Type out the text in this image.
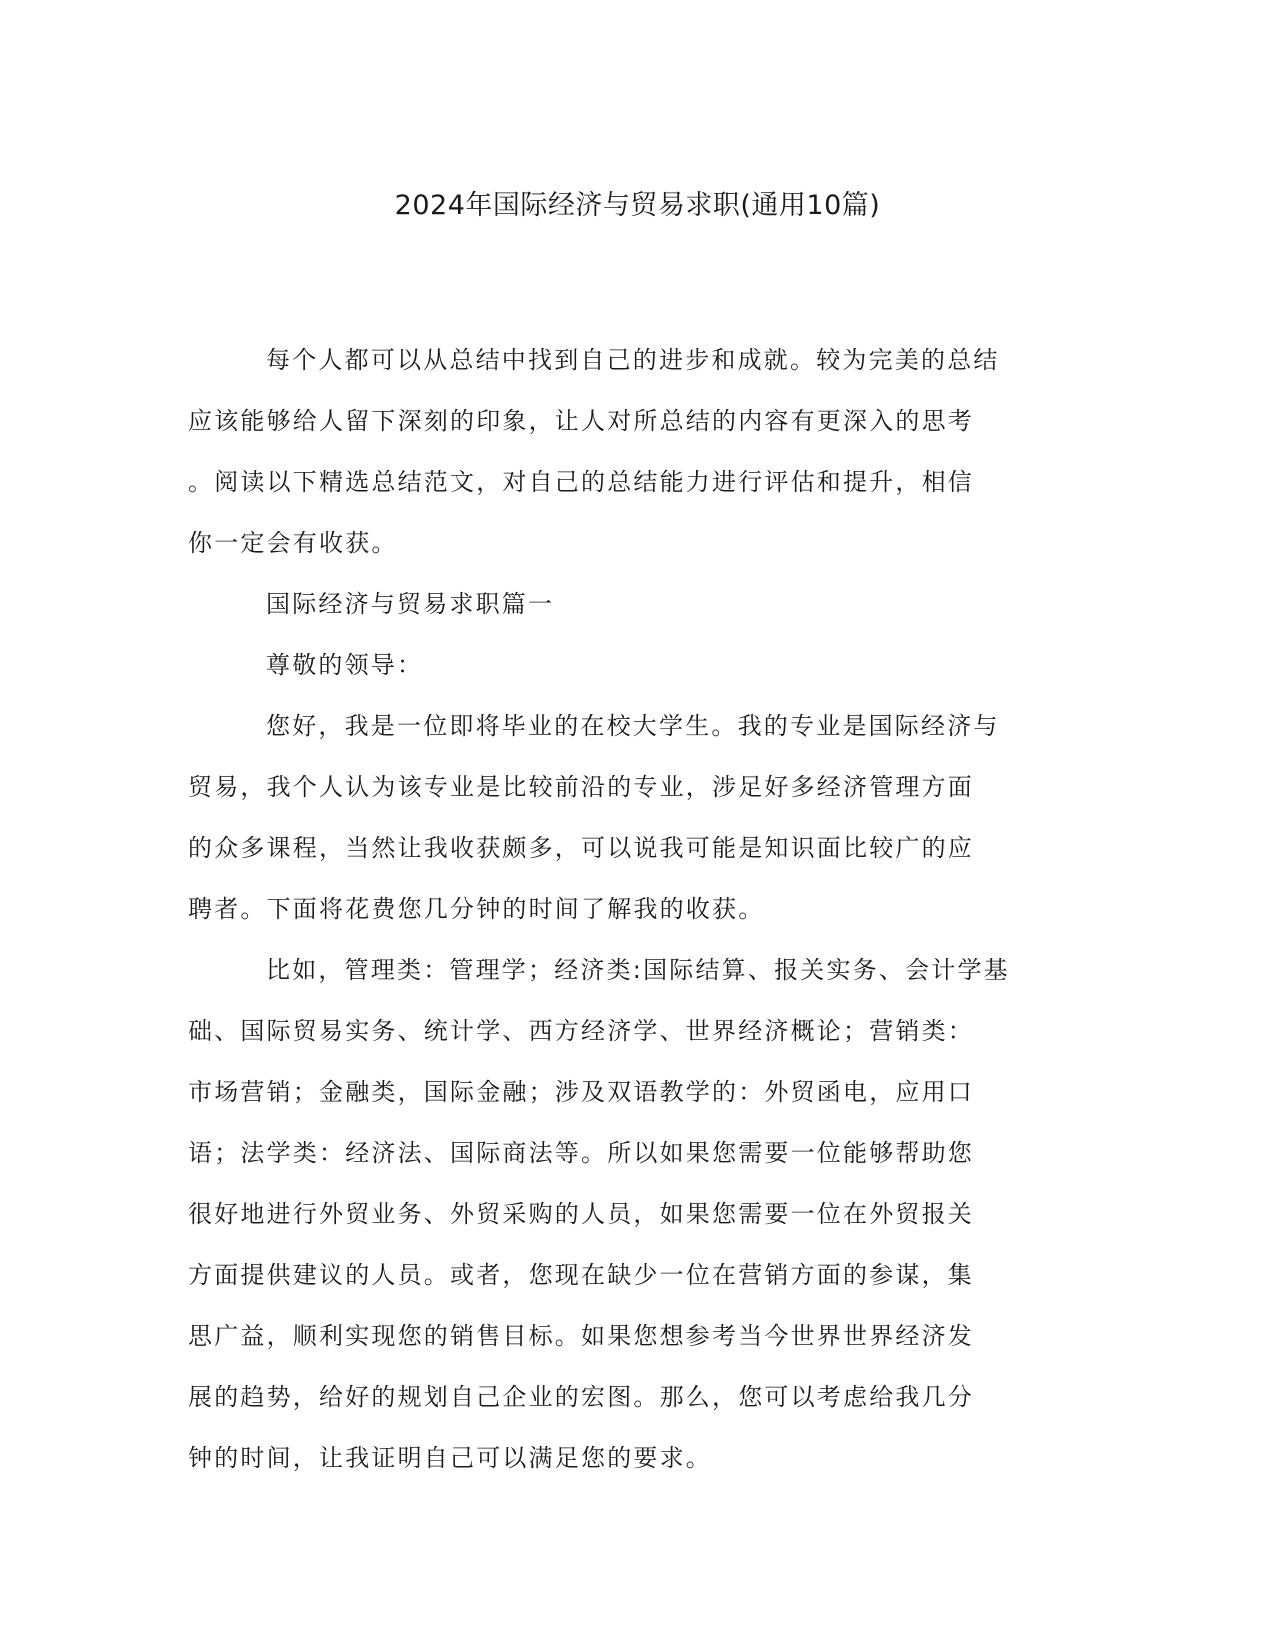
2024年国际经济与贸易求职(通用10篇)
每个人都可以从总结中找到自己的进步和成就。较为完美的总结
应该能够给人留下深刻的印象，让人对所总结的内容有更深入的思考
。阅读以下精选总结范文，对自己的总结能力进行评估和提升，相信
你一定会有收获。
国际经济与贸易求职篇一
尊敬的领导：
您好，我是一位即将毕业的在校大学生。我的专业是国际经济与
贸易，我个人认为该专业是比较前沿的专业，涉足好多经济管理方面
的众多课程，当然让我收获颇多，可以说我可能是知识面比较广的应
聘者。下面将花费您几分钟的时间了解我的收获。
比如，管理类：管理学；经济类:国际结算、报关实务、会计学基
础、国际贸易实务、统计学、西方经济学、世界经济概论；营销类：
市场营销；金融类，国际金融；涉及双语教学的：外贸函电，应用口
语；法学类：经济法、国际商法等。所以如果您需要一位能够帮助您
很好地进行外贸业务、外贸采购的人员，如果您需要一位在外贸报关
方面提供建议的人员。或者，您现在缺少一位在营销方面的参谋，集
思广益，顺利实现您的销售目标。如果您想参考当今世界世界经济发
展的趋势，给好的规划自己企业的宏图。那么，您可以考虑给我几分
钟的时间，让我证明自己可以满足您的要求。
